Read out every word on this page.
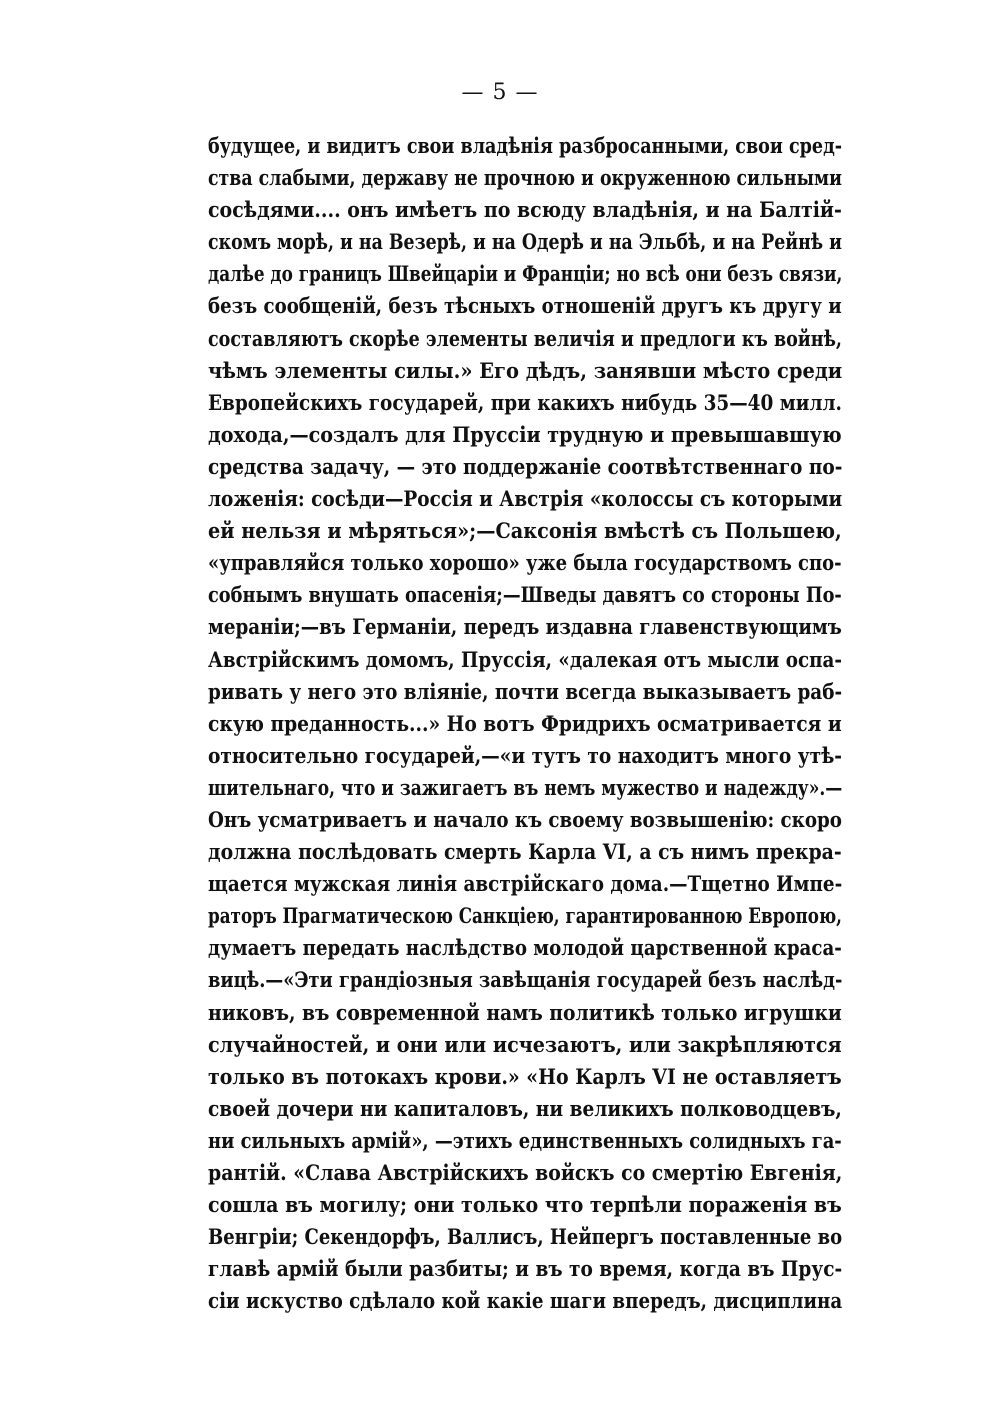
— 5 —
будущее, и видитъ свои владѣнія разбросанными, свои сред-
ства слабыми, державу не прочною и окруженною сильными
сосѣдями.... онъ имѣетъ по всюду владѣнія, и на Балтій-
скомъ морѣ, и на Везерѣ, и на Одерѣ и на Эльбѣ, и на Рейнѣ и
далѣе до границъ Швейцаріи и Франціи; но всѣ они безъ связи,
безъ сообщеній, безъ тѣсныхъ отношеній другъ къ другу и
составляютъ скорѣе элементы величія и предлоги къ войнѣ,
чѣмъ элементы силы.» Его дѣдъ, занявши мѣсто среди
Европейскихъ государей, при какихъ нибудь 35—40 милл.
дохода,—создалъ для Пруссіи трудную и превышавшую
средства задачу, — это поддержаніе соотвѣтственнаго по-
ложенія: сосѣди—Россія и Австрія «колоссы съ которыми
ей нельзя и мѣряться»;—Саксонія вмѣстѣ съ Польшею,
«управляйся только хорошо» уже была государствомъ спо-
собнымъ внушать опасенія;—Шведы давятъ со стороны По-
мераніи;—въ Германіи, передъ издавна главенствующимъ
Австрійскимъ домомъ, Пруссія, «далекая отъ мысли оспа-
ривать у него это вліяніе, почти всегда выказываетъ раб-
скую преданность...» Но вотъ Фридрихъ осматривается и
относительно государей,—«и тутъ то находитъ много утѣ-
шительнаго, что и зажигаетъ въ немъ мужество и надежду».—
Онъ усматриваетъ и начало къ своему возвышенію: скоро
должна послѣдовать смерть Карла VI, а съ нимъ прекра-
щается мужская линія австрійскаго дома.—Тщетно Импе-
раторъ Прагматическою Санкціею, гарантированною Европою,
думаетъ передать наслѣдство молодой царственной краса-
вицѣ.—«Эти грандіозныя завѣщанія государей безъ наслѣд-
никовъ, въ современной намъ политикѣ только игрушки
случайностей, и они или исчезаютъ, или закрѣпляются
только въ потокахъ крови.» «Но Карлъ VI не оставляетъ
своей дочери ни капиталовъ, ни великихъ полководцевъ,
ни сильныхъ армій», —этихъ единственныхъ солидныхъ га-
рантій. «Слава Австрійскихъ войскъ со смертію Евгенія,
сошла въ могилу; они только что терпѣли пораженія въ
Венгріи; Секендорфъ, Валлисъ, Нейпергъ поставленные во
главѣ армій были разбиты; и въ то время, когда въ Прус-
сіи искуство сдѣлало кой какіе шаги впередъ, дисциплина
